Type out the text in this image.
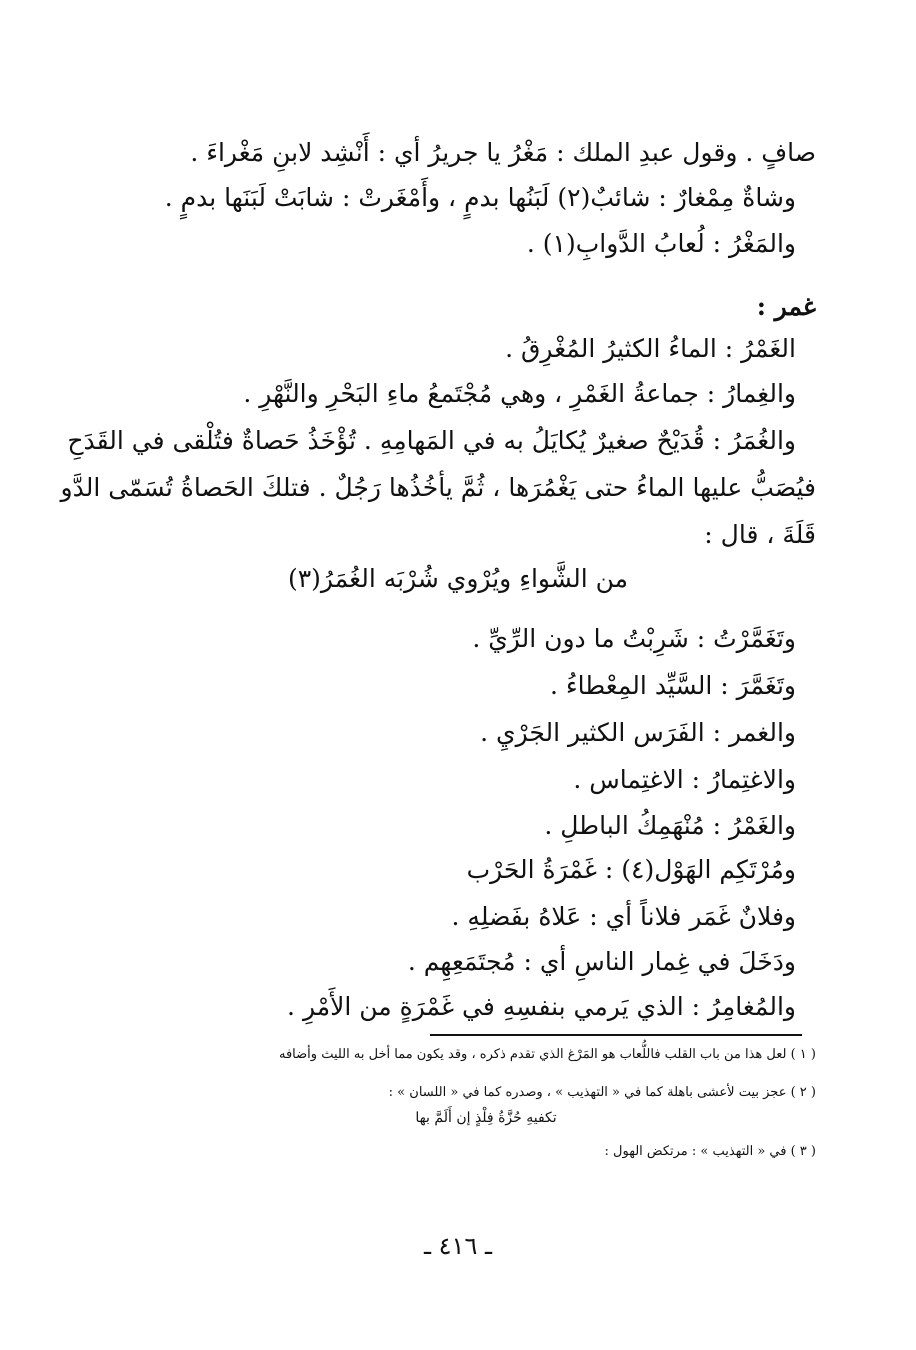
صافٍ . وقول عبدِ الملك : مَغْرُ يا جريرُ أي : أَنْشِد لابنِ مَغْراءَ .
وشاةٌ مِمْغارٌ : شائبٌ(٢) لَبَنُها بدمٍ ، وأَمْغَرتْ : شابَتْ لَبَنَها بدمٍ .
والمَغْرُ : لُعابُ الدَّوابِ(١) .
غمر :
الغَمْرُ : الماءُ الكثيرُ المُغْرِقُ .
والغِمارُ : جماعةُ الغَمْرِ ، وهي مُجْتَمعُ ماءِ البَحْرِ والنَّهْرِ .
والغُمَرُ : قُدَيْحٌ صغيرٌ يُكايَلُ به في المَهامِهِ . تُؤْخَذُ حَصاةٌ فتُلْقى في القَدَحِ
فيُصَبُّ عليها الماءُ حتى يَغْمُرَها ، ثُمَّ يأخُذُها رَجُلٌ . فتلكَ الحَصاةُ تُسَمّى الدَّو
قَلَةَ ، قال :
من الشَّواءِ ويُرْوي شُرْبَه الغُمَرُ(٣)
وتَغَمَّرْتُ : شَرِبْتُ ما دون الرِّيِّ .
وتَغَمَّرَ : السَّيِّد المِعْطاءُ .
والغمر : الفَرَس الكثير الجَرْيِ .
والاغتِمارُ : الاغتِماس .
والغَمْرُ : مُنْهَمِكُ الباطلِ .
ومُرْتَكِم الهَوْل(٤) : غَمْرَةُ الحَرْب
وفلانٌ غَمَر فلاناً أي : عَلاهُ بفَضلِهِ .
ودَخَلَ في غِمار الناسِ أي : مُجتَمَعِهِم .
والمُغامِرُ : الذي يَرمي بنفسِهِ في غَمْرَةٍ من الأَمْرِ .
( ١ ) لعل هذا من باب القلب فاللُّعاب هو المَرْغ الذي تقدم ذكره ، وقد يكون مما أخل به الليث وأضافه
( ٢ ) عجز بيت لأعشى باهلة كما في « التهذيب » ، وصدره كما في « اللسان » :
تكفيهِ حُزَّةُ فِلْذٍ إن أَلَمَّ بها
( ٣ ) في « التهذيب » : مرتكض الهول :
ـ ٤١٦ ـ
